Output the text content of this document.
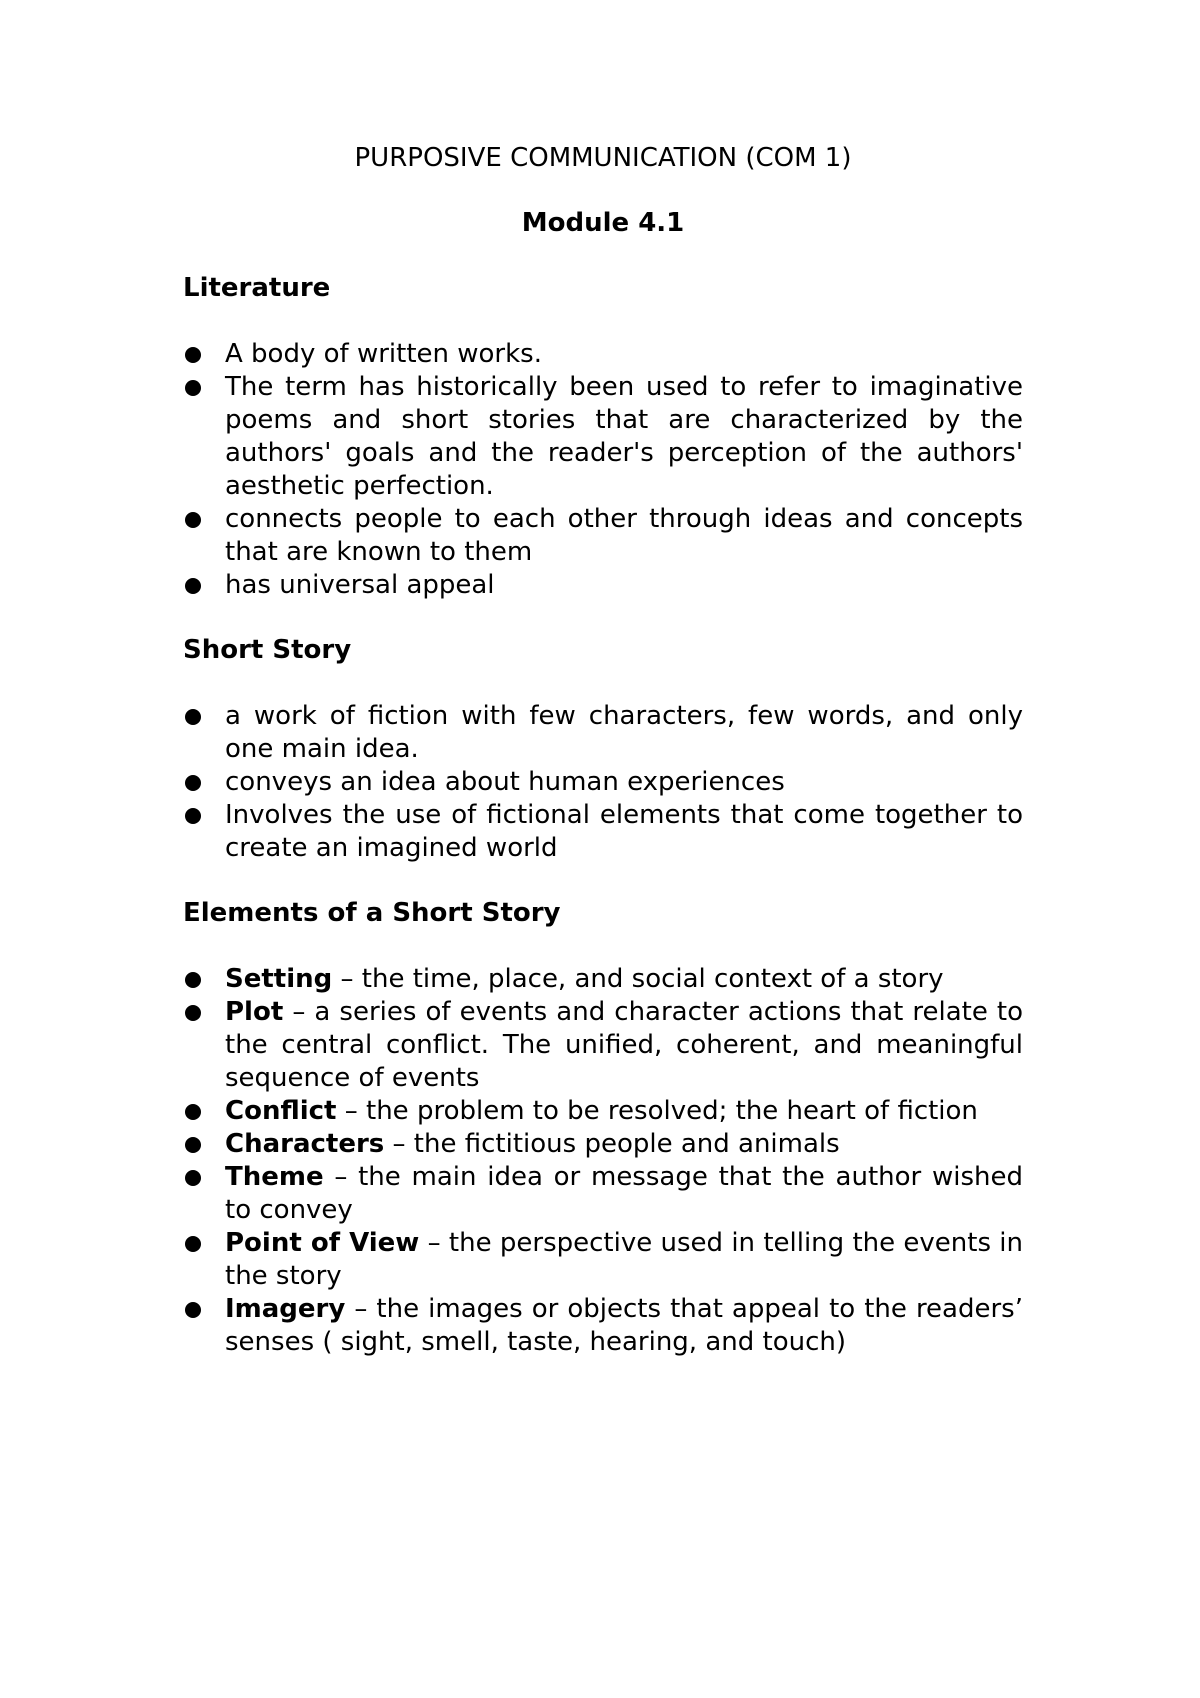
PURPOSIVE COMMUNICATION (COM 1)
Module 4.1
Literature
A body of written works.
The term has historically been used to refer to imaginative poems and short stories that are characterized by the authors' goals and the reader's perception of the authors' aesthetic perfection.
connects people to each other through ideas and concepts that are known to them
has universal appeal
Short Story
a work of fiction with few characters, few words, and only one main idea.
conveys an idea about human experiences
Involves the use of fictional elements that come together to create an imagined world
Elements of a Short Story
Setting – the time, place, and social context of a story
Plot – a series of events and character actions that relate to the central conflict. The unified, coherent, and meaningful sequence of events
Conflict – the problem to be resolved; the heart of fiction
Characters – the fictitious people and animals
Theme – the main idea or message that the author wished to convey
Point of View – the perspective used in telling the events in the story
Imagery – the images or objects that appeal to the readers’ senses ( sight, smell, taste, hearing, and touch)
